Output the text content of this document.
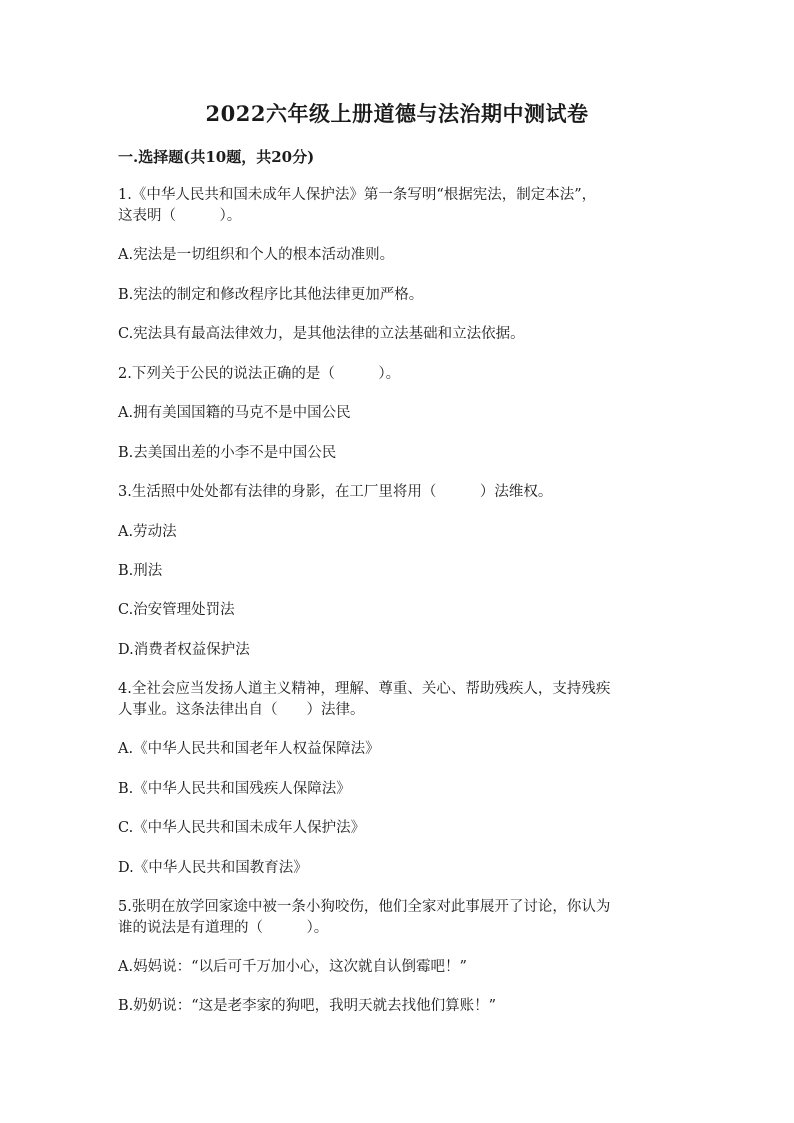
2022六年级上册道德与法治期中测试卷
一.选择题(共10题，共20分)
1.《中华人民共和国未成年人保护法》第一条写明“根据宪法，制定本法”，
这表明（　　　）。
A.宪法是一切组织和个人的根本活动准则。
B.宪法的制定和修改程序比其他法律更加严格。
C.宪法具有最高法律效力，是其他法律的立法基础和立法依据。
2.下列关于公民的说法正确的是（　　　）。
A.拥有美国国籍的马克不是中国公民
B.去美国出差的小李不是中国公民
3.生活照中处处都有法律的身影，在工厂里将用（　　　）法维权。
A.劳动法
B.刑法
C.治安管理处罚法
D.消费者权益保护法
4.全社会应当发扬人道主义精神，理解、尊重、关心、帮助残疾人，支持残疾
人事业。这条法律出自（　　）法律。
A.《中华人民共和国老年人权益保障法》
B.《中华人民共和国残疾人保障法》
C.《中华人民共和国未成年人保护法》
D.《中华人民共和国教育法》
5.张明在放学回家途中被一条小狗咬伤，他们全家对此事展开了讨论，你认为
谁的说法是有道理的（　　　）。
A.妈妈说：“以后可千万加小心，这次就自认倒霉吧！”
B.奶奶说：“这是老李家的狗吧，我明天就去找他们算账！”
